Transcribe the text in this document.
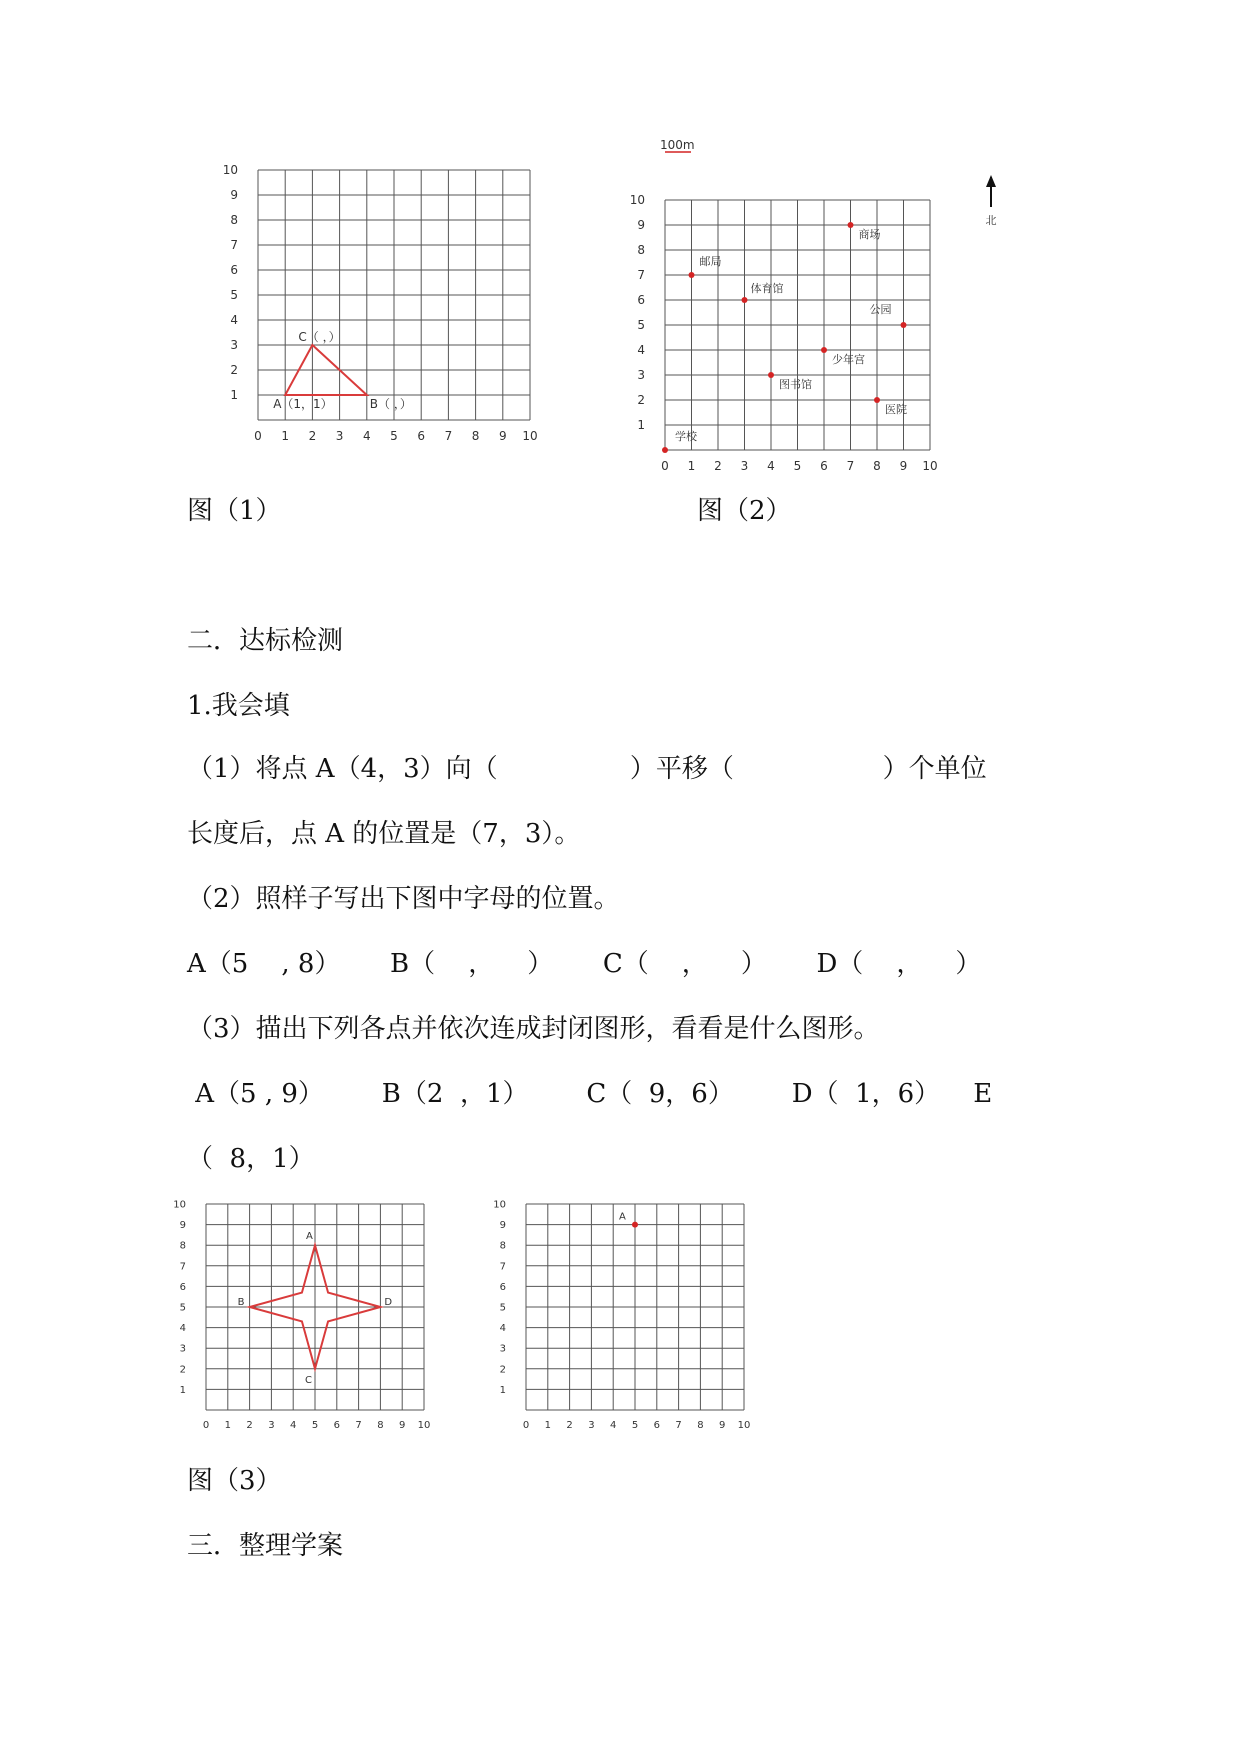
0 1
1
2
2
3
3
4
4
5
5
6
6
7
7
8
8
9
9
10
10
C（ ，）
A（1，1）	B（ ，）
图（1）
0 1
1
2
2
3
3
4
4
5
5
6
6
7
7
8
8
9
9
10
10
100m
北
学校
邮局
体育馆
图书馆
少年宫
商场
公园
医院
图（2）
二．达标检测
1.我会填
（1）将点 A（4，3）向（                ）平移（                  ）个单位
长度后，点 A 的位置是（7，3）。
（2）照样子写出下图中字母的位置。
A（5    , 8）      B（    ，    ）      C（    ，    ）      D（    ，    ）
（3）描出下列各点并依次连成封闭图形，看看是什么图形。
A（5 , 9）       B（2  ，1）       C（  9，6）       D（  1，6）    E
（  8，1）
0 1
1
2
2
3
3
4
4
5
5
6
6
7
7
8
8
9
9
10
10
A
B
C
D
0 1
1
2
2
3
3
4
4
5
5
6
6
7
7
8
8
9
9
10
10
A
图（3）
三．整理学案
